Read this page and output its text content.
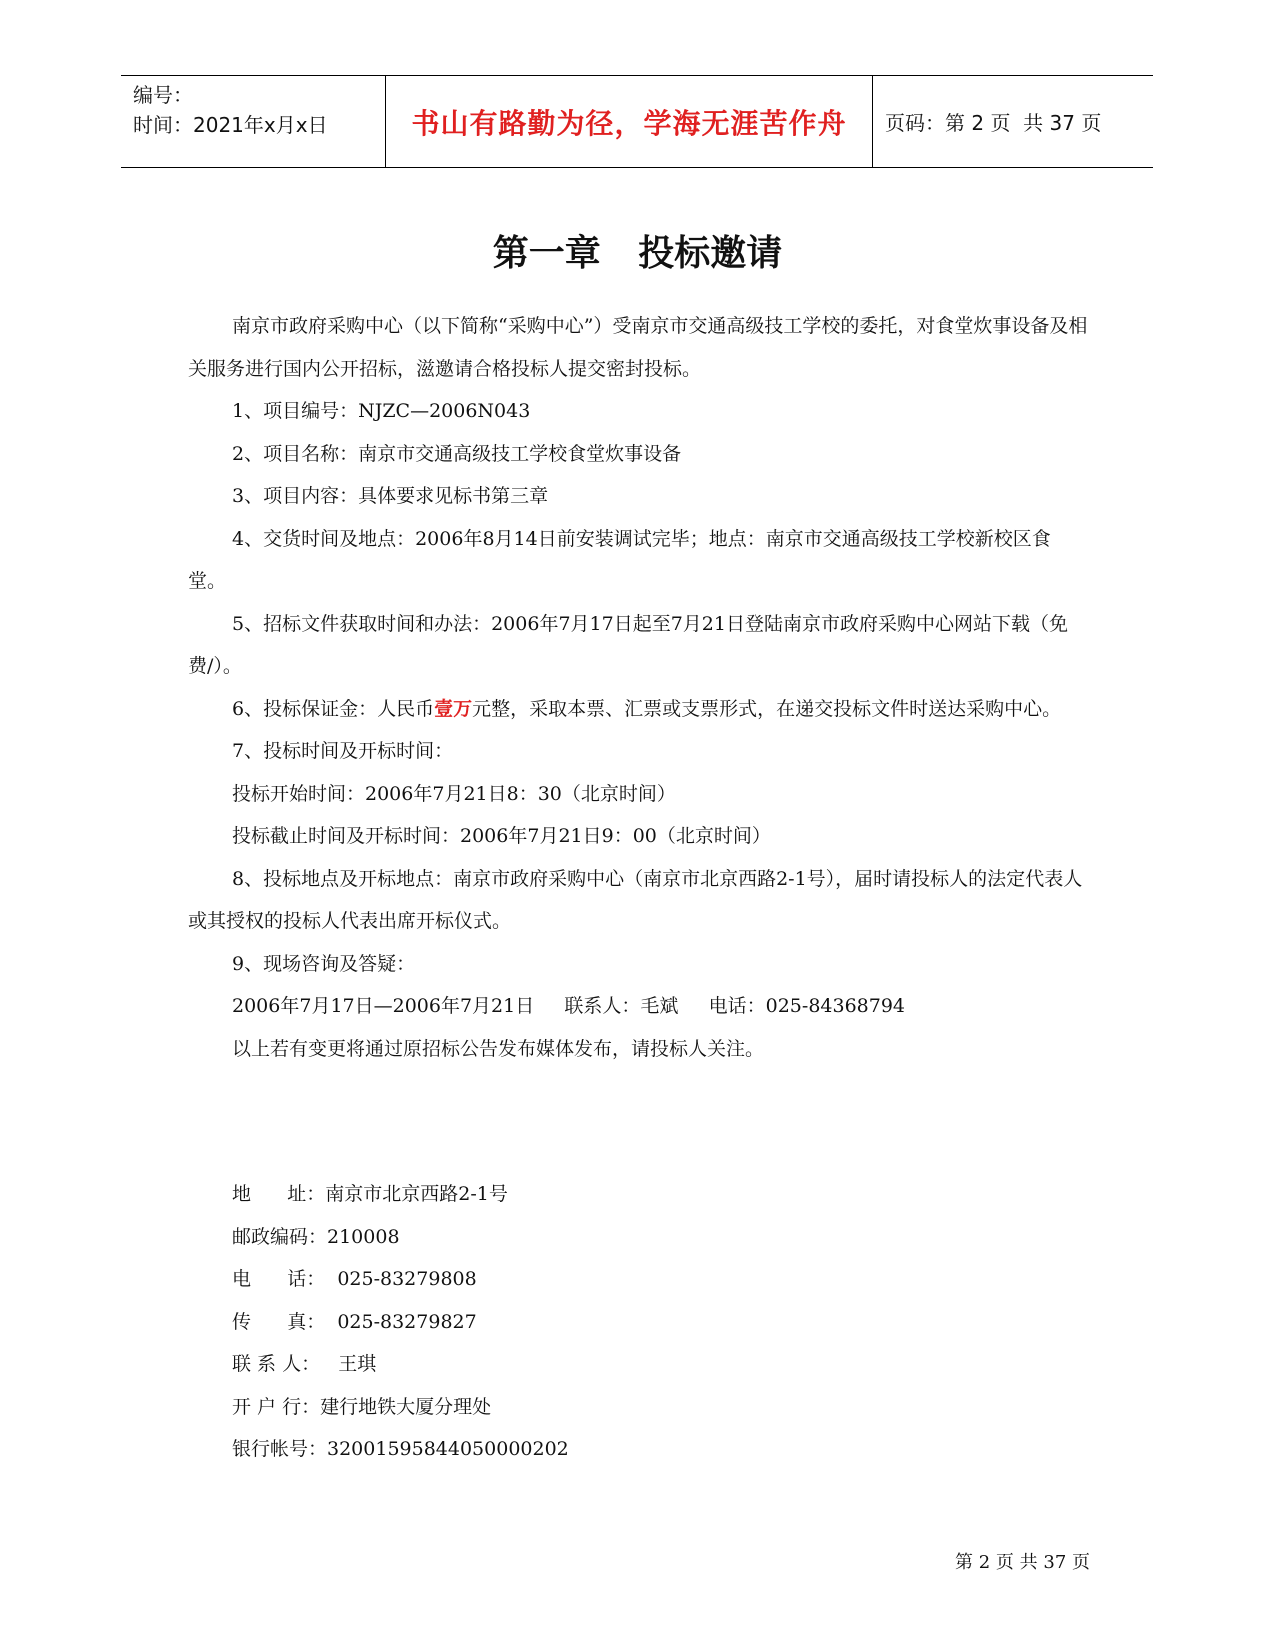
编号：
时间：2021年x月x日	书山有路勤为径，学海无涯苦作舟	页码：第 2 页  共 37 页
第一章   投标邀请

南京市政府采购中心（以下简称“采购中心”）受南京市交通高级技工学校的委托，对食堂炊事设备及相关服务进行国内公开招标，滋邀请合格投标人提交密封投标。

1、项目编号：NJZC—2006N043

2、项目名称：南京市交通高级技工学校食堂炊事设备

3、项目内容：具体要求见标书第三章

4、交货时间及地点：2006年8月14日前安装调试完毕；地点：南京市交通高级技工学校新校区食堂。

5、招标文件获取时间和办法：2006年7月17日起至7月21日登陆南京市政府采购中心网站下载（免费/）。

6、投标保证金：人民币壹万元整，采取本票、汇票或支票形式，在递交投标文件时送达采购中心。

7、投标时间及开标时间：

投标开始时间：2006年7月21日8：30（北京时间）

投标截止时间及开标时间：2006年7月21日9：00（北京时间）

8、投标地点及开标地点：南京市政府采购中心（南京市北京西路2-1号），届时请投标人的法定代表人或其授权的投标人代表出席开标仪式。

9、现场咨询及答疑：

2006年7月17日—2006年7月21日     联系人：毛斌     电话：025-84368794

以上若有变更将通过原招标公告发布媒体发布，请投标人关注。

地      址：南京市北京西路2-1号
邮政编码：210008
电      话：  025-83279808
传      真：  025-83279827
联 系 人：   王琪
开 户 行：建行地铁大厦分理处
银行帐号：32001595844050000202
第 2 页 共 37 页
